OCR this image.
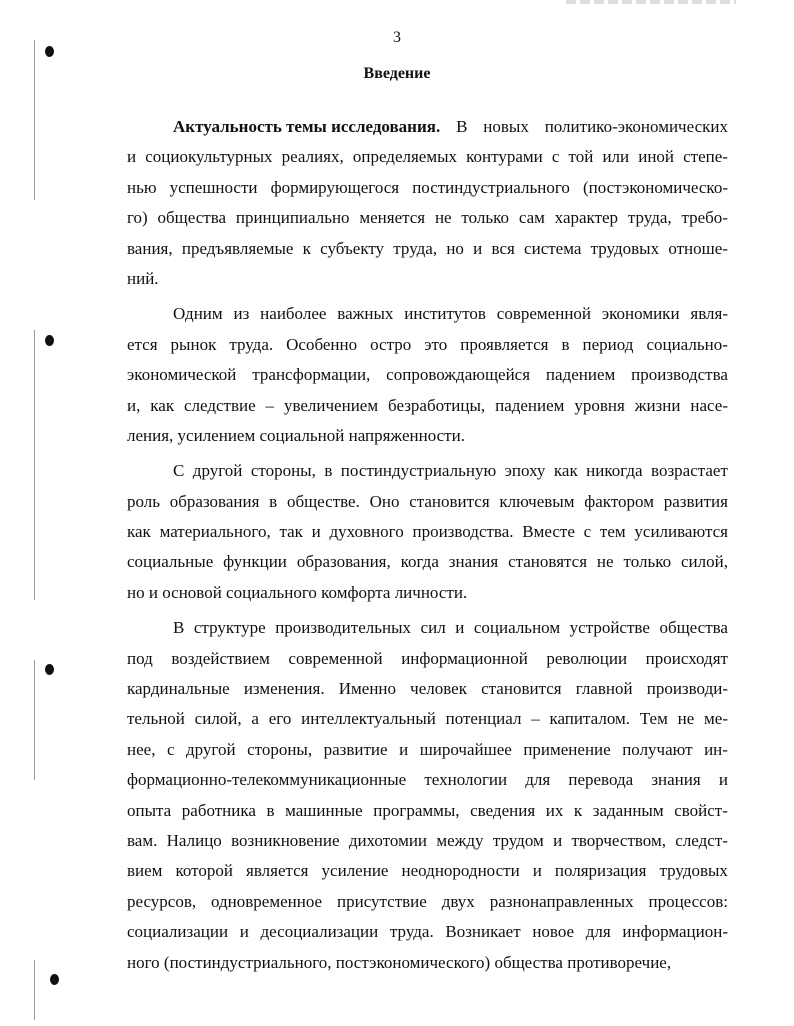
3
Введение
Актуальность темы исследования. В новых политико-экономических
и социокультурных реалиях, определяемых контурами с той или иной степе-
нью успешности формирующегося постиндустриального (постэкономическо-
го) общества принципиально меняется не только сам характер труда, требо-
вания, предъявляемые к субъекту труда, но и вся система трудовых отноше-
ний.
Одним из наиболее важных институтов современной экономики явля-
ется рынок труда. Особенно остро это проявляется в период социально-
экономической трансформации, сопровождающейся падением производства
и, как следствие – увеличением безработицы, падением уровня жизни насе-
ления,
усилением
социальной
напряженности.
С другой стороны, в постиндустриальную эпоху как никогда возрастает
роль образования в обществе. Оно становится ключевым фактором развития
как материального, так и духовного производства. Вместе с тем усиливаются
социальные функции образования, когда знания становятся не только силой,
но
и
основой
социального
комфорта
личности.
В структуре производительных сил и социальном устройстве общества
под воздействием современной информационной революции происходят
кардинальные изменения. Именно человек становится главной производи-
тельной силой, а его интеллектуальный потенциал – капиталом. Тем не ме-
нее, с другой стороны, развитие и широчайшее применение получают ин-
формационно-телекоммуникационные технологии для перевода знания и
опыта работника в машинные программы, сведения их к заданным свойст-
вам. Налицо возникновение дихотомии между трудом и творчеством, следст-
вием которой является усиление неоднородности и поляризация трудовых
ресурсов, одновременное присутствие двух разнонаправленных процессов:
социализации и десоциализации труда. Возникает новое для информацион-
ного
(постиндустриального,
постэкономического)
общества
противоречие,
